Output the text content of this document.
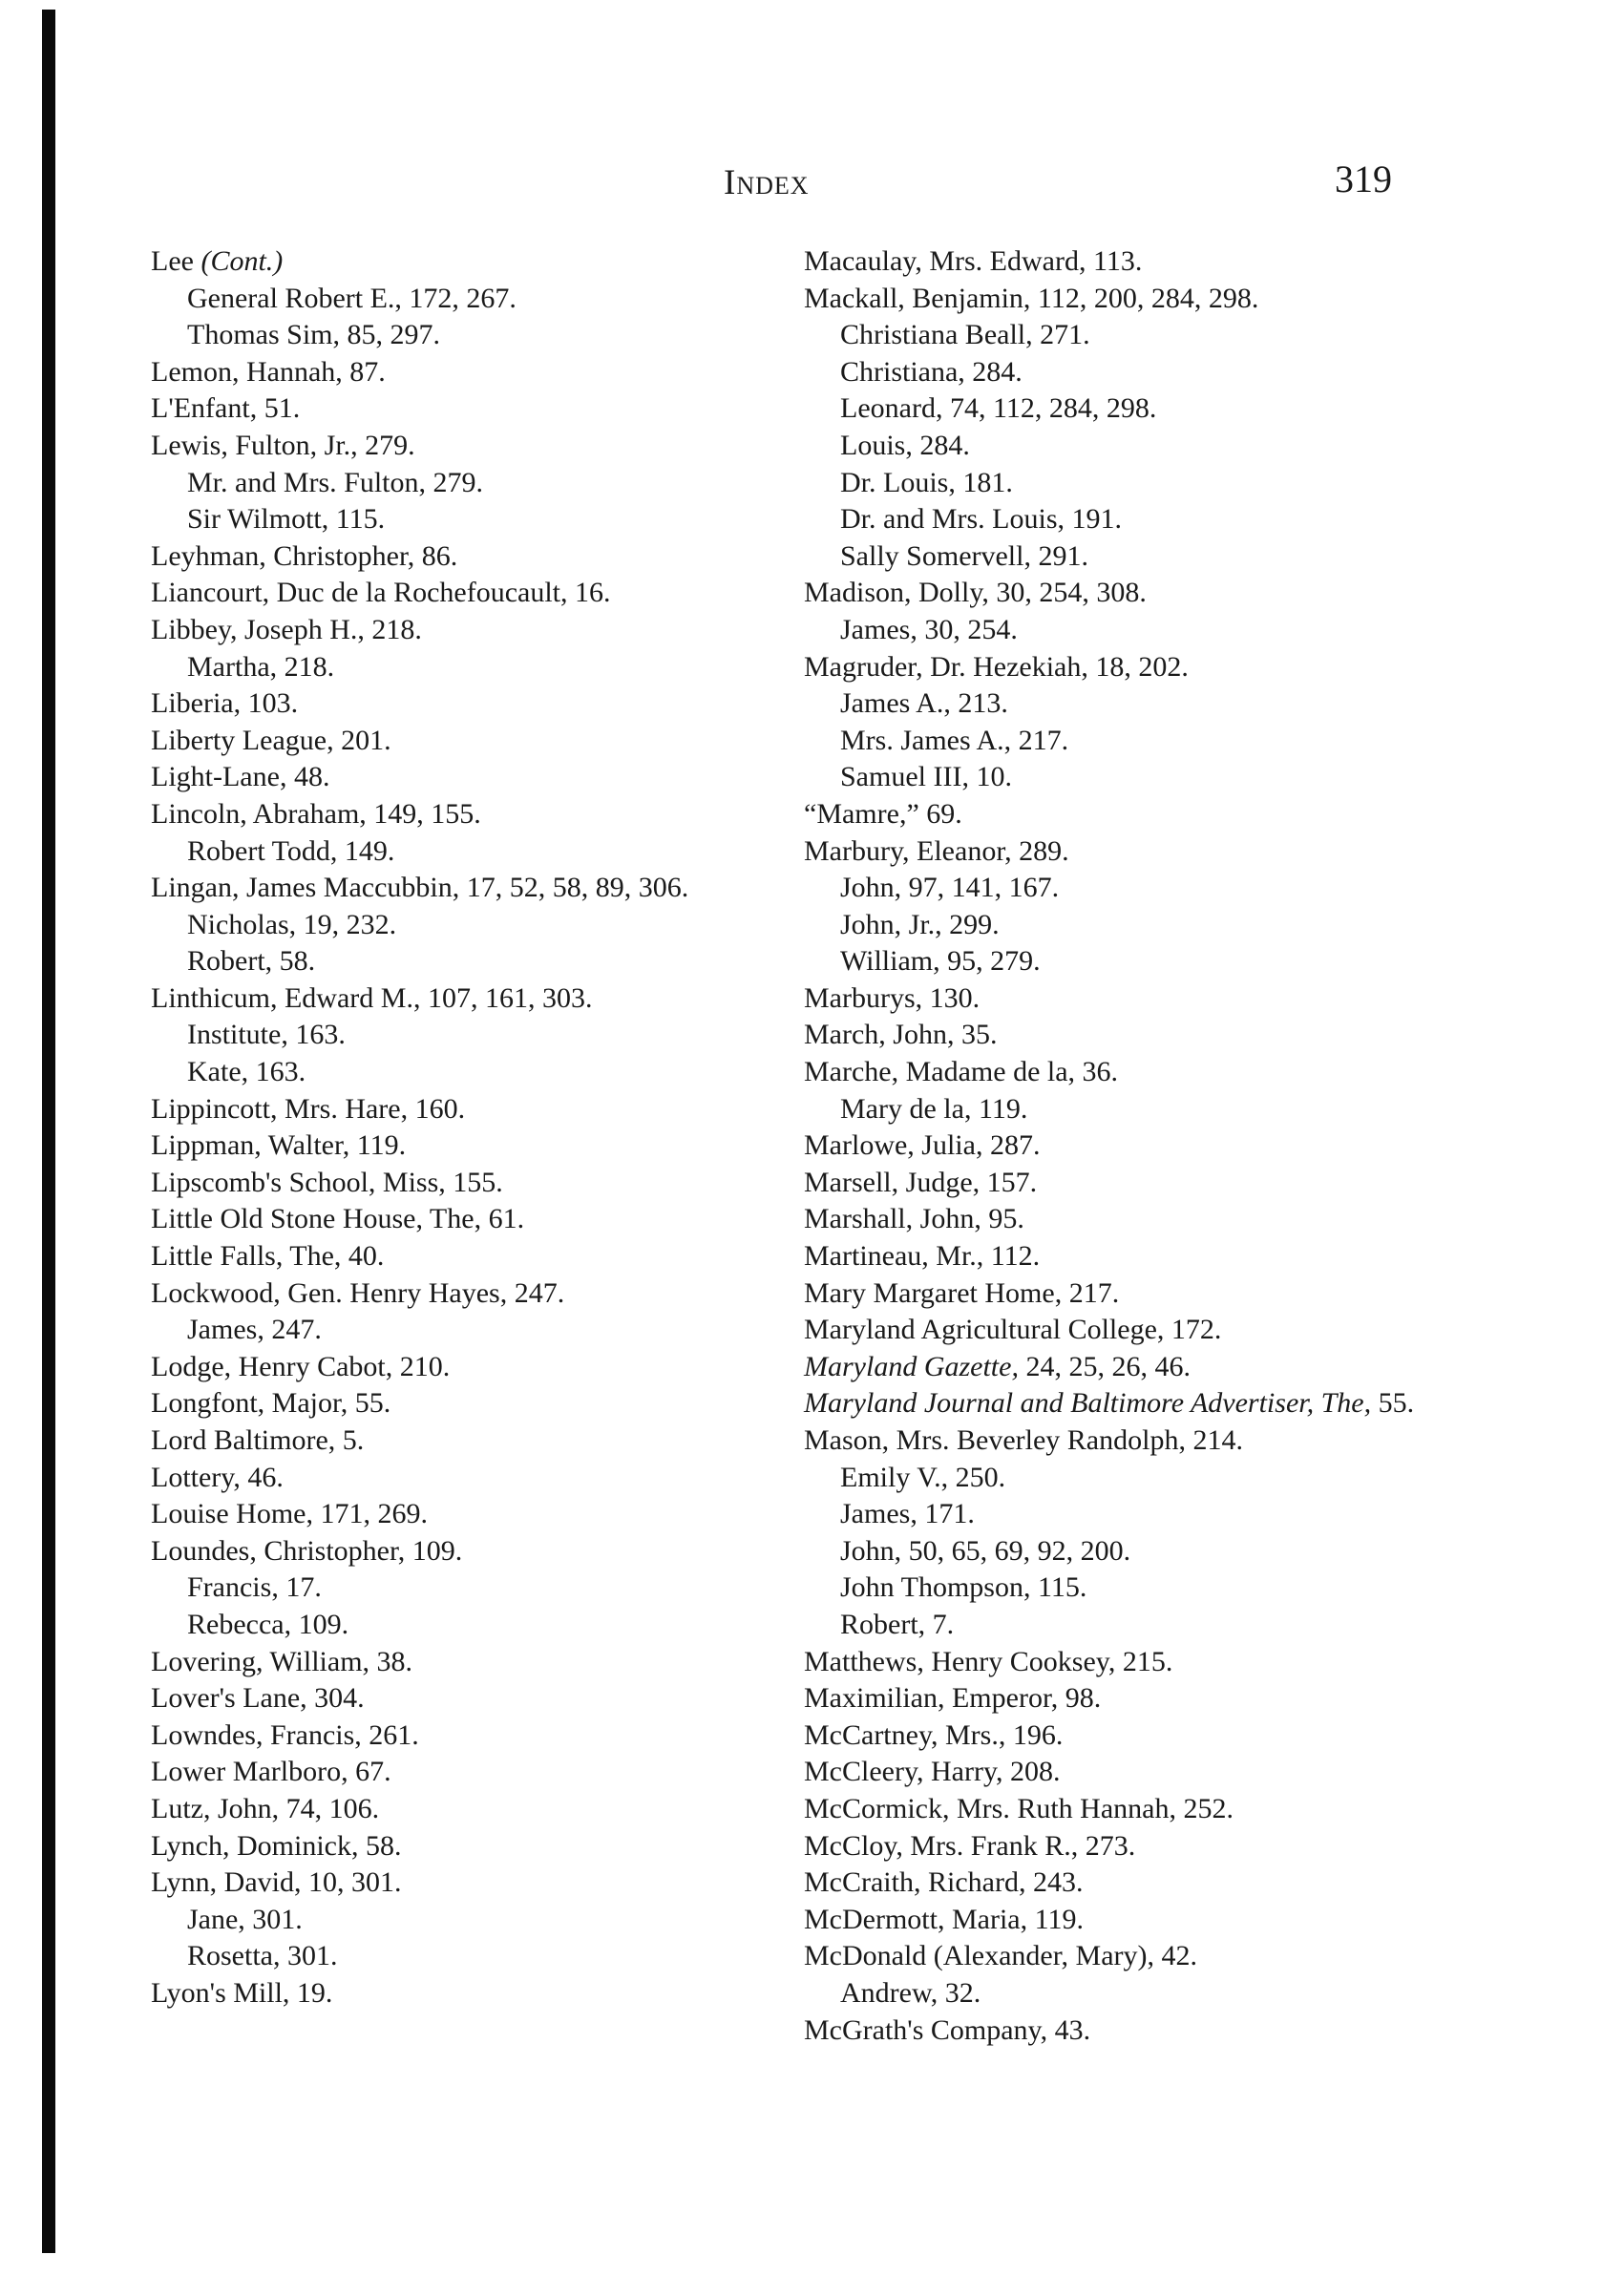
Index	319
Lee (Cont.)
General Robert E., 172, 267.
Thomas Sim, 85, 297.
Lemon, Hannah, 87.
L'Enfant, 51.
Lewis, Fulton, Jr., 279.
Mr. and Mrs. Fulton, 279.
Sir Wilmott, 115.
Leyhman, Christopher, 86.
Liancourt, Duc de la Rochefoucault, 16.
Libbey, Joseph H., 218.
Martha, 218.
Liberia, 103.
Liberty League, 201.
Light-Lane, 48.
Lincoln, Abraham, 149, 155.
Robert Todd, 149.
Lingan, James Maccubbin, 17, 52, 58, 89, 306.
Nicholas, 19, 232.
Robert, 58.
Linthicum, Edward M., 107, 161, 303.
Institute, 163.
Kate, 163.
Lippincott, Mrs. Hare, 160.
Lippman, Walter, 119.
Lipscomb's School, Miss, 155.
Little Old Stone House, The, 61.
Little Falls, The, 40.
Lockwood, Gen. Henry Hayes, 247.
James, 247.
Lodge, Henry Cabot, 210.
Longfont, Major, 55.
Lord Baltimore, 5.
Lottery, 46.
Louise Home, 171, 269.
Loundes, Christopher, 109.
Francis, 17.
Rebecca, 109.
Lovering, William, 38.
Lover's Lane, 304.
Lowndes, Francis, 261.
Lower Marlboro, 67.
Lutz, John, 74, 106.
Lynch, Dominick, 58.
Lynn, David, 10, 301.
Jane, 301.
Rosetta, 301.
Lyon's Mill, 19.
Macaulay, Mrs. Edward, 113.
Mackall, Benjamin, 112, 200, 284, 298.
Christiana Beall, 271.
Christiana, 284.
Leonard, 74, 112, 284, 298.
Louis, 284.
Dr. Louis, 181.
Dr. and Mrs. Louis, 191.
Sally Somervell, 291.
Madison, Dolly, 30, 254, 308.
James, 30, 254.
Magruder, Dr. Hezekiah, 18, 202.
James A., 213.
Mrs. James A., 217.
Samuel III, 10.
“Mamre,” 69.
Marbury, Eleanor, 289.
John, 97, 141, 167.
John, Jr., 299.
William, 95, 279.
Marburys, 130.
March, John, 35.
Marche, Madame de la, 36.
Mary de la, 119.
Marlowe, Julia, 287.
Marsell, Judge, 157.
Marshall, John, 95.
Martineau, Mr., 112.
Mary Margaret Home, 217.
Maryland Agricultural College, 172.
Maryland Gazette, 24, 25, 26, 46.
Maryland Journal and Baltimore Advertiser, The, 55.
Mason, Mrs. Beverley Randolph, 214.
Emily V., 250.
James, 171.
John, 50, 65, 69, 92, 200.
John Thompson, 115.
Robert, 7.
Matthews, Henry Cooksey, 215.
Maximilian, Emperor, 98.
McCartney, Mrs., 196.
McCleery, Harry, 208.
McCormick, Mrs. Ruth Hannah, 252.
McCloy, Mrs. Frank R., 273.
McCraith, Richard, 243.
McDermott, Maria, 119.
McDonald (Alexander, Mary), 42.
Andrew, 32.
McGrath's Company, 43.
